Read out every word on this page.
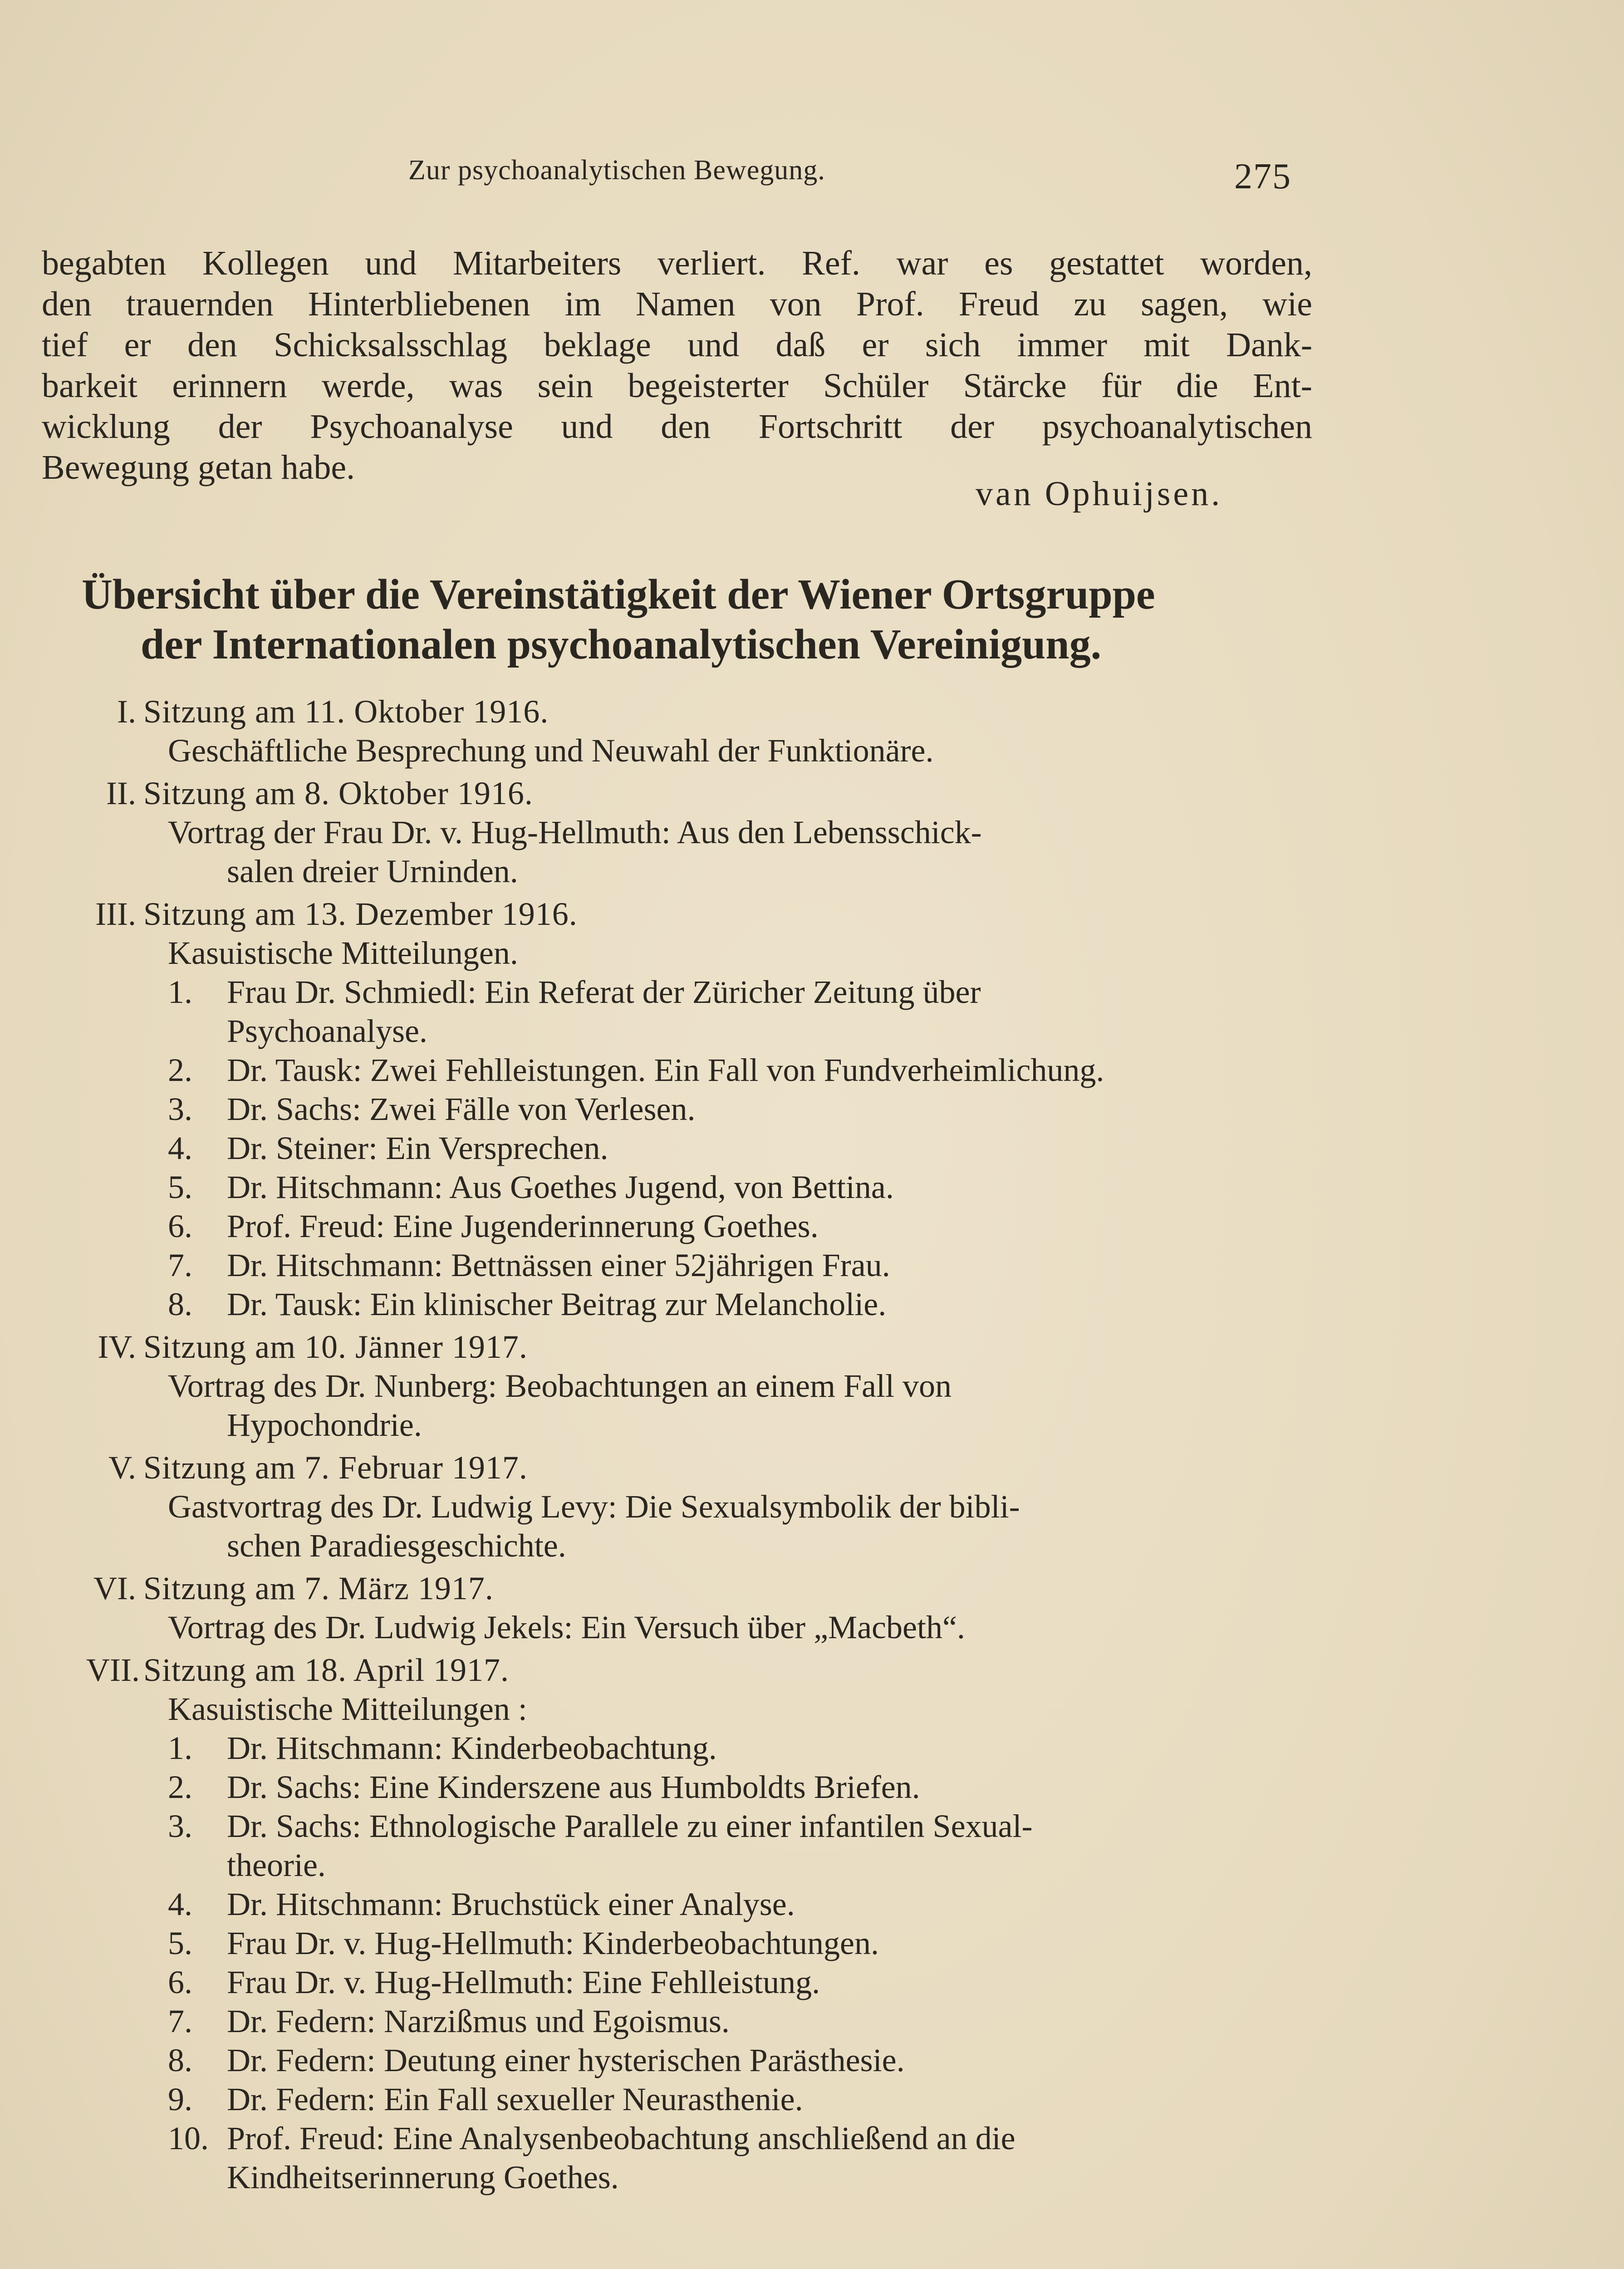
Zur psychoanalytischen Bewegung.	275
begabten Kollegen und Mitarbeiters verliert. Ref. war es gestattet worden,
den trauernden Hinterbliebenen im Namen von Prof. Freud zu sagen, wie
tief er den Schicksalsschlag beklage und daß er sich immer mit Dank-
barkeit erinnern werde, was sein begeisterter Schüler Stärcke für die Ent-
wicklung der Psychoanalyse und den Fortschritt der psychoanalytischen
Bewegung getan habe.
van Ophuijsen.
Übersicht über die Vereinstätigkeit der Wiener Ortsgruppe
der Internationalen psychoanalytischen Vereinigung.
I. Sitzung am 11. Oktober 1916.
Geschäftliche Besprechung und Neuwahl der Funktionäre.
II. Sitzung am 8. Oktober 1916.
Vortrag der Frau Dr. v. Hug-Hellmuth: Aus den Lebensschick-
salen dreier Urninden.
III. Sitzung am 13. Dezember 1916.
Kasuistische Mitteilungen.
1.	Frau Dr. Schmiedl: Ein Referat der Züricher Zeitung über
Psychoanalyse.
2.	Dr. Tausk: Zwei Fehlleistungen. Ein Fall von Fundverheimlichung.
3.	Dr. Sachs: Zwei Fälle von Verlesen.
4.	Dr. Steiner: Ein Versprechen.
5.	Dr. Hitschmann: Aus Goethes Jugend, von Bettina.
6.	Prof. Freud: Eine Jugenderinnerung Goethes.
7.	Dr. Hitschmann: Bettnässen einer 52jährigen Frau.
8.	Dr. Tausk: Ein klinischer Beitrag zur Melancholie.
IV. Sitzung am 10. Jänner 1917.
Vortrag des Dr. Nunberg: Beobachtungen an einem Fall von
Hypochondrie.
V. Sitzung am 7. Februar 1917.
Gastvortrag des Dr. Ludwig Levy: Die Sexualsymbolik der bibli-
schen Paradiesgeschichte.
VI. Sitzung am 7. März 1917.
Vortrag des Dr. Ludwig Jekels: Ein Versuch über „Macbeth“.
VII. Sitzung am 18. April 1917.
Kasuistische Mitteilungen :
1.	Dr. Hitschmann: Kinderbeobachtung.
2.	Dr. Sachs: Eine Kinderszene aus Humboldts Briefen.
3.	Dr. Sachs: Ethnologische Parallele zu einer infantilen Sexual-
theorie.
4.	Dr. Hitschmann: Bruchstück einer Analyse.
5.	Frau Dr. v. Hug-Hellmuth: Kinderbeobachtungen.
6.	Frau Dr. v. Hug-Hellmuth: Eine Fehlleistung.
7.	Dr. Federn: Narzißmus und Egoismus.
8.	Dr. Federn: Deutung einer hysterischen Parästhesie.
9.	Dr. Federn: Ein Fall sexueller Neurasthenie.
10. Prof. Freud: Eine Analysenbeobachtung anschließend an die
Kindheitserinnerung Goethes.
